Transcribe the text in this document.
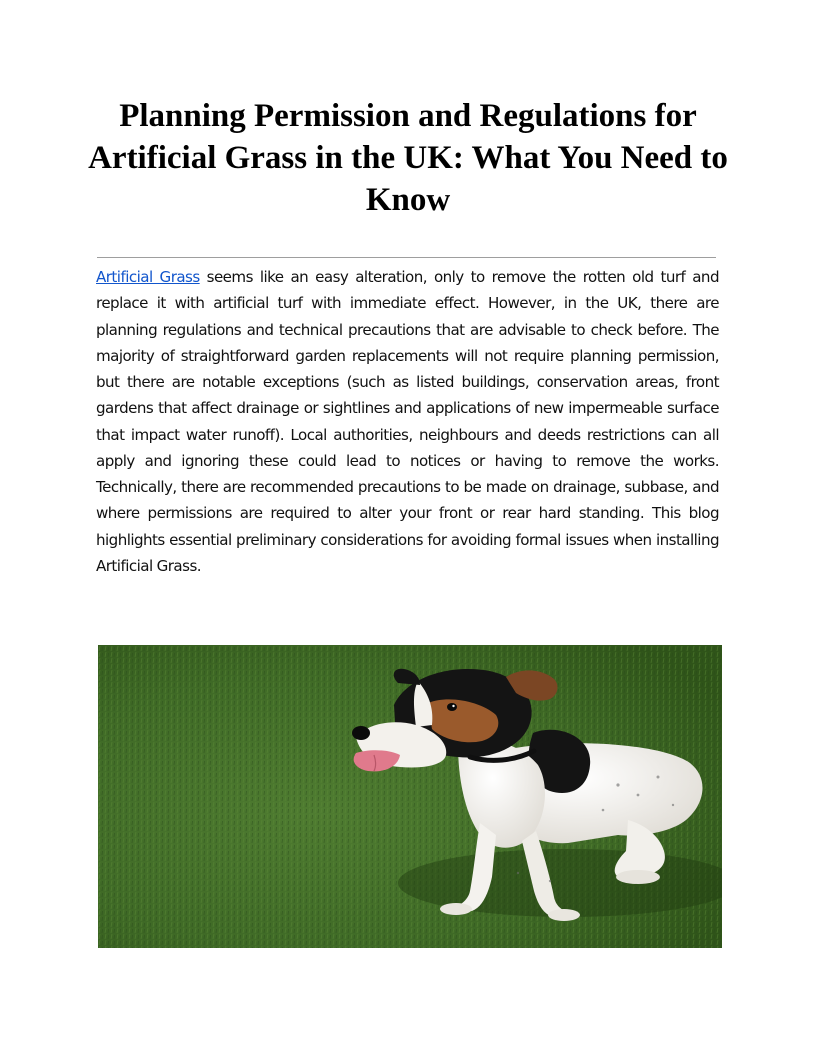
Planning Permission and Regulations for
Artificial Grass in the UK: What You Need to
Know

Artificial Grass seems like an easy alteration, only to remove the rotten old turf and replace it with artificial turf with immediate effect. However, in the UK, there are planning regulations and technical precautions that are advisable to check before. The majority of straightforward garden replacements will not require planning permission, but there are notable exceptions (such as listed buildings, conservation areas, front gardens that affect drainage or sightlines and applications of new impermeable surface that impact water runoff). Local authorities, neighbours and deeds restrictions can all apply and ignoring these could lead to notices or having to remove the works. Technically, there are recommended precautions to be made on drainage, subbase, and where permissions are required to alter your front or rear hard standing. This blog highlights essential preliminary considerations for avoiding formal issues when installing Artificial Grass.
